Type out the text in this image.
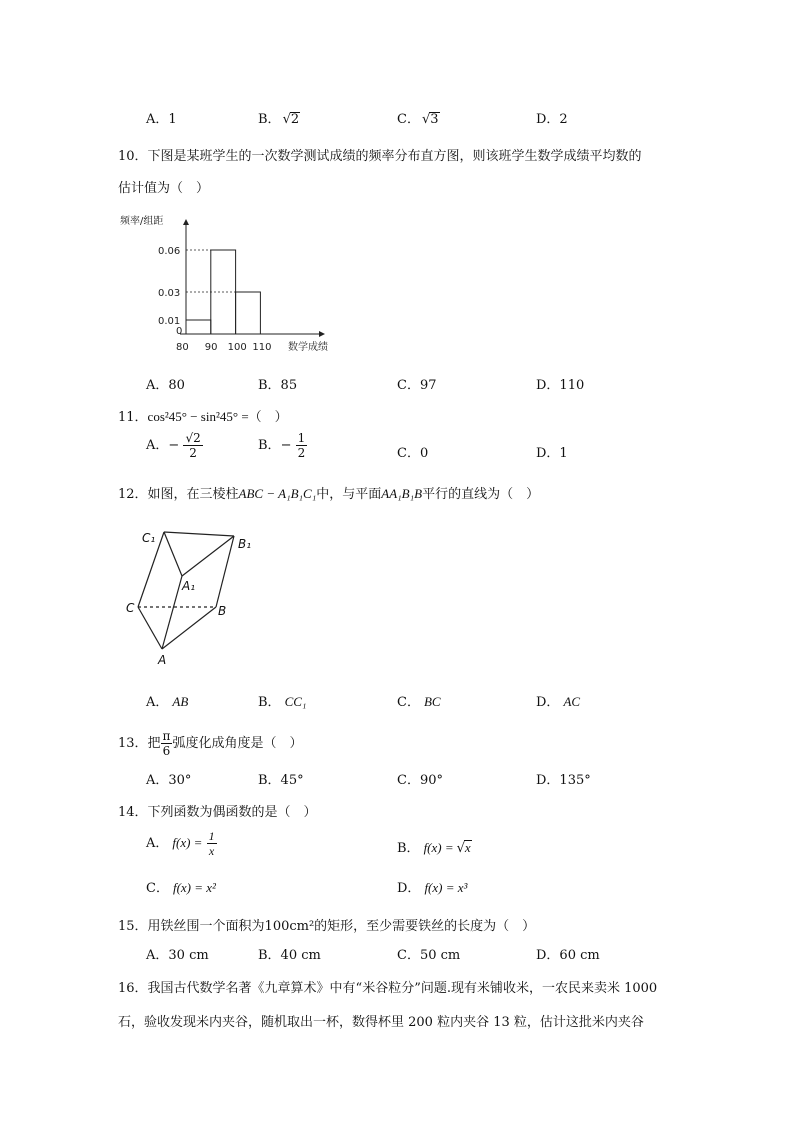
A．1	B． √2	C． √3	D．2
10．下图是某班学生的一次数学测试成绩的频率分布直方图，则该班学生数学成绩平均数的
估计值为（　）
频率/组距
0
0.01
0.03
0.06
80 90 100 110 数学成绩
A．80	B．85	C．97	D．110
11．cos²45° − sin²45° =（　）
A．− $\frac{√2}{2}$	B．− $\frac{1}{2}$	C．0	D．1
12．如图，在三棱柱ABC − A₁B₁C₁中，与平面AA₁B₁B平行的直线为（　）
C₁	B₁
A₁
C	B
A
A． AB	B． CC₁	C． BC	D． AC
13．把 $\frac{\pi}{6}$ 弧度化成角度是（　）
A．30°	B．45°	C．90°	D．135°
14．下列函数为偶函数的是（　）
A． $f(x) = \frac{1}{x}$	B． f(x) = √x
C． f(x) = x²	D． f(x) = x³
15．用铁丝围一个面积为100cm²的矩形，至少需要铁丝的长度为（　）
A．30 cm	B．40 cm	C．50 cm	D．60 cm
16．我国古代数学名著《九章算术》中有“米谷粒分”问题.现有米铺收米，一农民来卖米 1000
石，验收发现米内夹谷，随机取出一杯，数得杯里 200 粒内夹谷 13 粒，估计这批米内夹谷
